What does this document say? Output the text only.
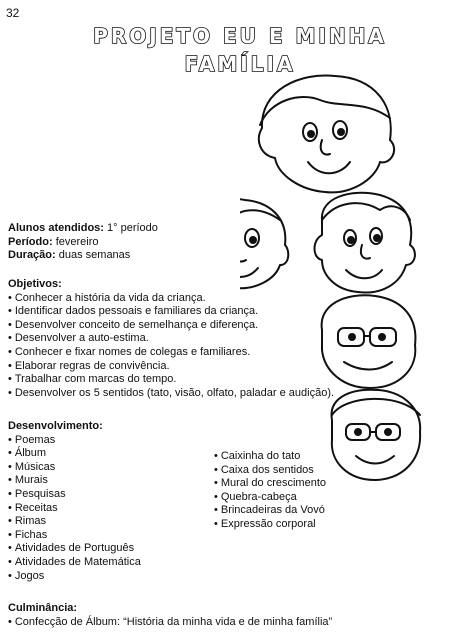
32
PROJETO EU E MINHA
FAMÍLIA
Alunos atendidos: 1° período
Período: fevereiro
Duração: duas semanas
Objetivos:
• Conhecer a história da vida da criança.
• Identificar dados pessoais e familiares da criança.
• Desenvolver conceito de semelhança e diferença.
• Desenvolver a auto-estima.
• Conhecer e fixar nomes de colegas e familiares.
• Elaborar regras de convivência.
• Trabalhar com marcas do tempo.
• Desenvolver os 5 sentidos (tato, visão, olfato, paladar e audição).
Desenvolvimento:
• Poemas
• Álbum
• Músicas
• Murais
• Pesquisas
• Receitas
• Rimas
• Fichas
• Atividades de Português
• Atividades de Matemática
• Jogos
• Caixinha do tato
• Caixa dos sentidos
• Mural do crescimento
• Quebra-cabeça
• Brincadeiras da Vovó
• Expressão corporal
Culminância:
• Confecção de Álbum: “História da minha vida e de minha família”
